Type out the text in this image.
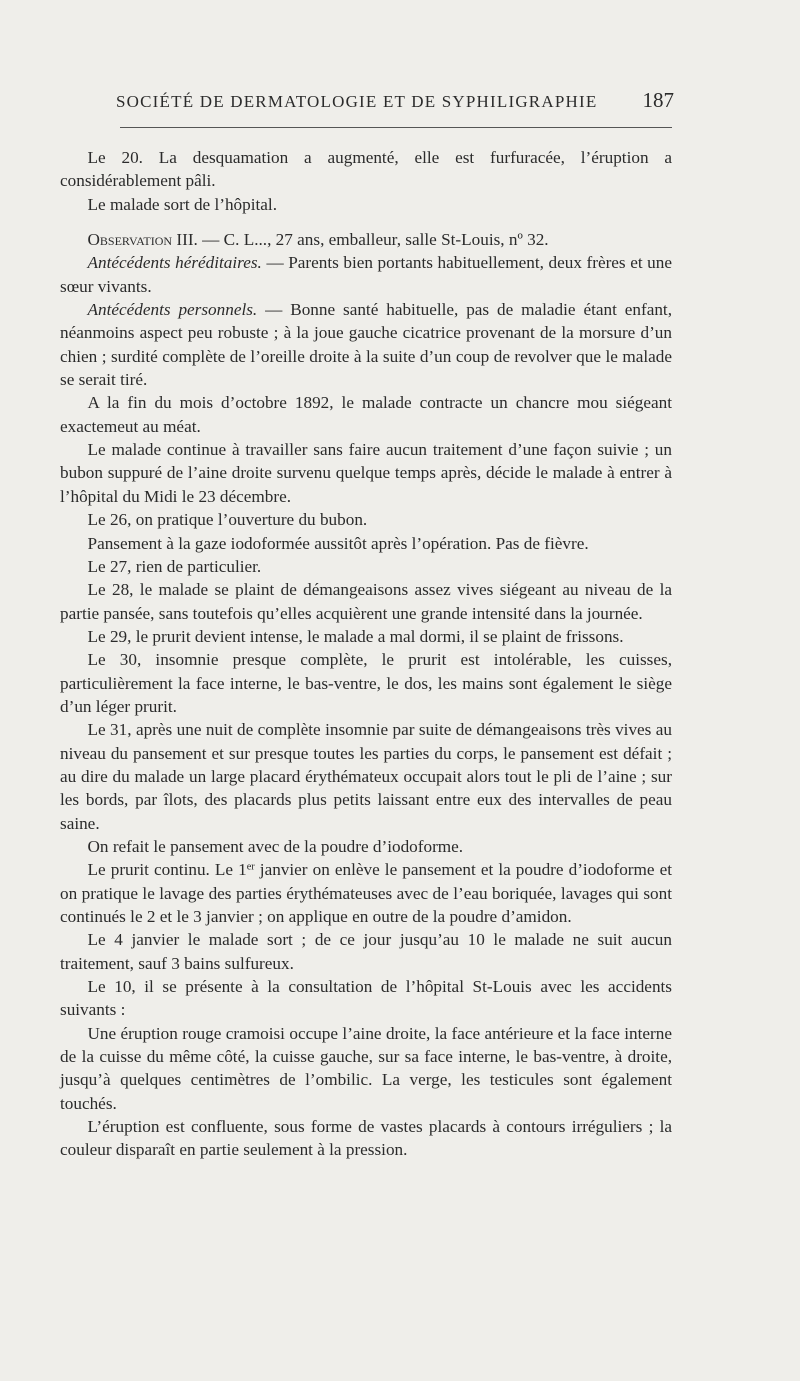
SOCIÉTÉ DE DERMATOLOGIE ET DE SYPHILIGRAPHIE 187

Le 20. La desquamation a augmenté, elle est furfuracée, l’éruption a considérablement pâli.

Le malade sort de l’hôpital.

Observation III. — C. L..., 27 ans, emballeur, salle St-Louis, nº 32.

Antécédents héréditaires. — Parents bien portants habituellement, deux frères et une sœur vivants.

Antécédents personnels. — Bonne santé habituelle, pas de maladie étant enfant, néanmoins aspect peu robuste ; à la joue gauche cicatrice provenant de la morsure d’un chien ; surdité complète de l’oreille droite à la suite d’un coup de revolver que le malade se serait tiré.

A la fin du mois d’octobre 1892, le malade contracte un chancre mou siégeant exactemeut au méat.

Le malade continue à travailler sans faire aucun traitement d’une façon suivie ; un bubon suppuré de l’aine droite survenu quelque temps après, décide le malade à entrer à l’hôpital du Midi le 23 décembre.

Le 26, on pratique l’ouverture du bubon.

Pansement à la gaze iodoformée aussitôt après l’opération. Pas de fièvre.

Le 27, rien de particulier.

Le 28, le malade se plaint de démangeaisons assez vives siégeant au niveau de la partie pansée, sans toutefois qu’elles acquièrent une grande intensité dans la journée.

Le 29, le prurit devient intense, le malade a mal dormi, il se plaint de frissons.

Le 30, insomnie presque complète, le prurit est intolérable, les cuisses, particulièrement la face interne, le bas-ventre, le dos, les mains sont également le siège d’un léger prurit.

Le 31, après une nuit de complète insomnie par suite de démangeaisons très vives au niveau du pansement et sur presque toutes les parties du corps, le pansement est défait ; au dire du malade un large placard érythémateux occupait alors tout le pli de l’aine ; sur les bords, par îlots, des placards plus petits laissant entre eux des intervalles de peau saine.

On refait le pansement avec de la poudre d’iodoforme.

Le prurit continu. Le 1er janvier on enlève le pansement et la poudre d’iodoforme et on pratique le lavage des parties érythémateuses avec de l’eau boriquée, lavages qui sont continués le 2 et le 3 janvier ; on applique en outre de la poudre d’amidon.

Le 4 janvier le malade sort ; de ce jour jusqu’au 10 le malade ne suit aucun traitement, sauf 3 bains sulfureux.

Le 10, il se présente à la consultation de l’hôpital St-Louis avec les accidents suivants :

Une éruption rouge cramoisi occupe l’aine droite, la face antérieure et la face interne de la cuisse du même côté, la cuisse gauche, sur sa face interne, le bas-ventre, à droite, jusqu’à quelques centimètres de l’ombilic. La verge, les testicules sont également touchés.

L’éruption est confluente, sous forme de vastes placards à contours irréguliers ; la couleur disparaît en partie seulement à la pression.
